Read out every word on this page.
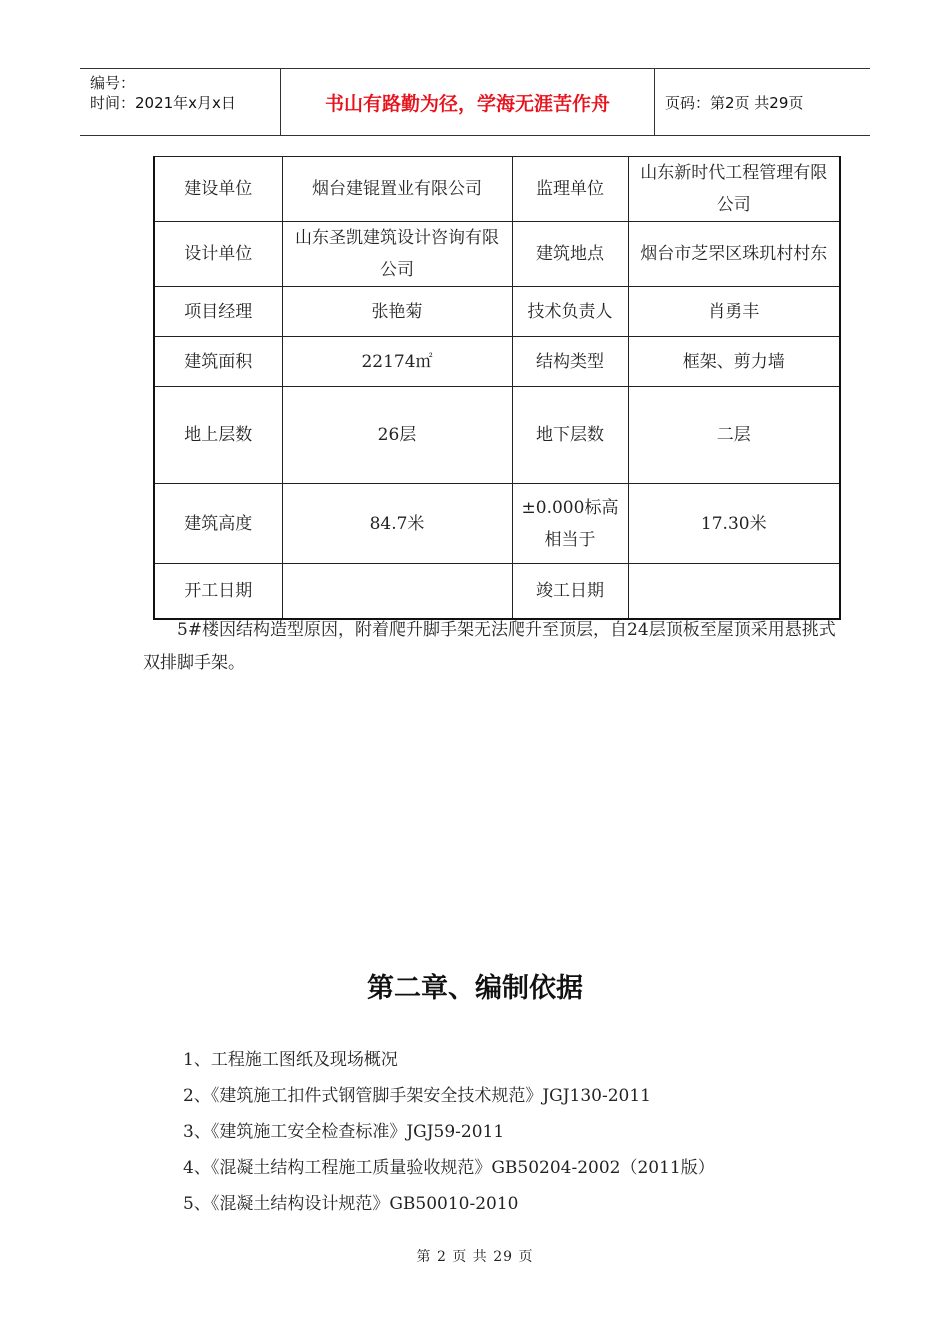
编号：
时间：2021年x月x日	书山有路勤为径，学海无涯苦作舟	页码：第2页 共29页
建设单位	烟台建锟置业有限公司	监理单位	山东新时代工程管理有限公司
设计单位	山东圣凯建筑设计咨询有限公司	建筑地点	烟台市芝罘区珠玑村村东
项目经理	张艳菊	技术负责人	肖勇丰
建筑面积	22174㎡	结构类型	框架、剪力墙
地上层数	26层	地下层数	二层
建筑高度	84.7米	±0.000标高相当于	17.30米
开工日期		竣工日期	
5#楼因结构造型原因，附着爬升脚手架无法爬升至顶层，自24层顶板至屋顶采用悬挑式双排脚手架。
第二章、编制依据
1、工程施工图纸及现场概况
2、《建筑施工扣件式钢管脚手架安全技术规范》JGJ130-2011
3、《建筑施工安全检查标准》JGJ59-2011
4、《混凝土结构工程施工质量验收规范》GB50204-2002（2011版）
5、《混凝土结构设计规范》GB50010-2010
第 2 页 共 29 页
